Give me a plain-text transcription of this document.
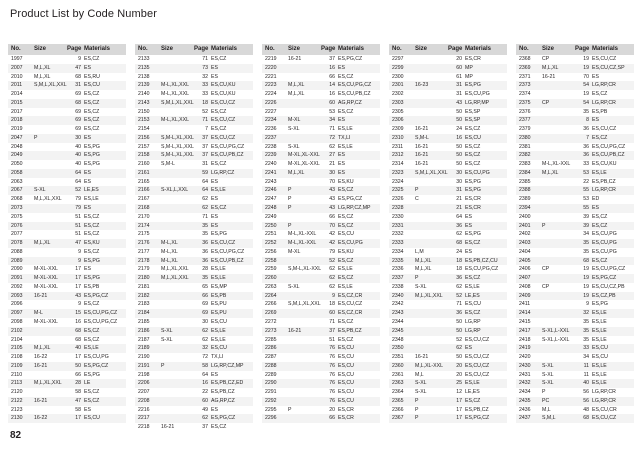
Product List by Code Number
No. Size	Page Materials
1997	9 ES,CZ
2007 M,L,XL	47 ES
2010 M,L,XL	68 ES,RU
2011 S,M,L,XL,XXL	31 ES,CU
2014	69 ES,CZ
2015	68 ES,CZ
2017	69 ES,CZ
2018	69 ES,CZ
2019	69 ES,CZ
2047 P	30 ES
2048	40 ES,PG
2049	40 ES,PG
2050	40 ES,PG
2058	64 ES
2063	64 ES
2067 S-XL	52 LE,ES
2068 M,L,XL,XXL	79 ES,LE
2073	79 ES
2075	51 ES,CZ
2076	51 ES,CZ
2077	51 ES,CZ
2078 M,L,XL	47 ES,KU
2088	9 ES,CZ
2089	9 ES,PG
2090 M-XL-XXL	17 ES
2091 M-XL-XXL	17 ES,PG
2092 M-XL-XXL	17 ES,PB
2093 16-21	43 ES,PG,CZ
2096	9 ES,CZ
2097 M-L	15 ES,CU,PG,CZ
2098 M-XL-XXL	16 ES,CU,PG,CZ
2102	68 ES,CZ
2104	68 ES,CZ
2105 M,L,XL	40 ES,LE
2108 16-22	17 ES,CU,PG
2109 16-21	50 ES,PG,CZ
2110	66 ES,PG
2113 M,L,XL,XXL	28 LE
2120	58 ES,CZ
2122 16-21	47 ES,CZ
2123	58 ES
2130 16-22	17 ES,CU
No. Size	Page Materials
2133	71 ES,CZ
2135	73 ES
2138	32 ES
2139 M-L,XL,XXL	33 ES,CU,KU
2140 M-L,XL,XXL	33 ES,CU,KU
2143 S,M,L,XL,XXL	18 ES,CU,CZ
2150	52 ES,CZ
2153 M-L,XL,XXL	71 ES,CU,CZ
2154	7 ES,CZ
2156 S,M-L,XL,XXL	37 ES,CU,CZ
2157 S,M-L,XL,XXL	37 ES,CU,PG,CZ
2158 S,M-L,XL,XXL	37 ES,CU,PB,CZ
2160 S,M-L	31 ES,CZ
2161	59 LG,RP,CZ
2165	64 ES
2166 S-XL,L,XXL	64 ES,LE
2167	62 ES
2168	62 ES,CZ
2170	71 ES
2174	35 ES
2175	35 ES,PG
2176 M-L,XL	36 ES,CU,CZ
2177 M-L,XL	36 ES,CU,PG,CZ
2178 M-L,XL	36 ES,CU,PB,CZ
2179 M,L,XL,XXL	28 ES,LE
2180 M,L,XL,XXL	35 ES,LE
2181	65 ES,MP
2182	66 ES,PB
2183	69 ES,PU
2184	69 ES,PU
2185	30 ES,CU
2186 S-XL	62 ES,LE
2187 S-XL	62 ES,LE
2189	32 ES,CU
2190	72 TX,LI
2191 P	58 LG,RP,CZ,MP
2198	64 ES
2206	16 ES,PB,CZ,ED
2207	22 ES,PB,CZ
2208	60 AG,RP,CZ
2216	49 ES
2217	62 ES,PG,CZ
2218 16-21	37 ES,CZ
No. Size	Page Materials
2219 16-21	37 ES,PG,CZ
2220	16 ES
2221	66 ES,CZ
2223 M,L,XL	14 ES,CU,PG,CZ
2224 M,L,XL	16 ES,CU,PB,CZ
2226	60 AG,RP,CZ
2227	53 ES,CZ
2234 M-XL	34 ES
2236 S-XL	71 ES,LE
2237	72 TX,LI
2238 S-XL	62 ES,LE
2239 M-XL,XL-XXL	27 ES
2240 M-XL,XL-XXL	21 ES
2241 M,L,XL	30 ES
2243	70 ES,KU
2246 P	43 ES,CZ
2247 P	43 ES,PG,CZ
2248 P	43 LG,RP,CZ,MP
2249	66 ES,CZ
2250 P	70 ES,CZ
2251 M-L,XL-XXL	42 ES,CU
2252 M-L,XL-XXL	42 ES,CU,PG
2256 M-XL	79 ES,KU
2258	52 ES,CZ
2259 S,M-L,XL-XXL	62 ES,LE
2260	62 ES,CZ
2263 S-XL	62 ES,LE
2264	9 ES,CZ,CR
2266 S,M,L,XL,XXL	18 ES,CU,CZ
2269	60 ES,CZ,CR
2272	71 ES,CZ
2273 16-21	37 ES,PB,CZ
2285	51 ES,CZ
2286	76 ES,CU
2287	76 ES,CU
2288	76 ES,CU
2289	76 ES,CU
2290	76 ES,CU
2291	76 ES,CU
2292	76 ES,CU
2295 P	20 ES,CR
2296	66 ES,CR
No. Size	Page Materials
2297	20 ES,CR
2299	60 MP
2300	61 MP
2301 16-23	31 ES,PG
2302	31 ES,CU,PG
2303	43 LG,RP,MP
2305	50 ES,SP
2306	50 ES,SP
2309 16-21	24 ES,CZ
2310 S,M-L	16 ES,CU
2311 16-21	50 ES,CZ
2312 16-21	50 ES,CZ
2314 16-21	50 ES,CZ
2323 S,M,L,XL,XXL	30 ES,CU,PG
2324	30 ES,PG
2325 P	31 ES,PG
2326 C	21 ES,CR
2328	21 ES,CR
2330	64 ES
2331	36 ES
2332	62 ES,PG
2333	68 ES,CZ
2334 L,M	24 ES
2335 M,L,XL	18 ES,PB,CZ,CU
2336 M,L,XL	18 ES,CU,PG,CZ
2337 P	36 ES,CZ
2338 S-XL	62 ES,LE
2340 M,L,XL,XXL	52 LE,ES
2342	71 ES,CU
2343	36 ES,CZ
2344	50 LG,RP
2345	50 LG,RP
2348	52 ES,CU,CZ
2350	62 ES
2351 16-21	50 ES,CU,CZ
2360 M,L,XL-XXL	20 ES,CU,CZ
2361 M,L	20 ES,CU,CZ
2363 S-XL	25 ES,LE
2364 S-XL	12 LE,ES
2365 P	17 ES,CZ
2366 P	17 ES,PB,CZ
2367 P	17 ES,PG,CZ
No. Size	Page Materials
2368 CP	19 ES,CU,CZ
2369 M,L,XL	19 ES,CU,CZ,SP
2371 16-21	70 ES
2373	54 LG,RP,CR
2374	19 ES,CZ
2375 CP	54 LG,RP,CR
2376	35 ES,PB
2377	8 ES
2379	36 ES,CU,CZ
2380	7 ES,CZ
2381	36 ES,CU,PG,CZ
2382	36 ES,CU,PB,CZ
2383 M-L,XL-XXL	33 ES,CU,KU
2384 M,L,XL	53 ES,LE
2385	22 ES,PB,CZ
2388	55 LG,RP,CR
2389	53 ED
2394	55 ES
2400	39 ES,CZ
2401 P	39 ES,CZ
2402	34 ES,CU,PG
2403	35 ES,CU,PG
2404	35 ES,CU,PG
2405	68 ES,CZ
2406 CP	19 ES,CU,PG,CZ
2407	19 ES,PG,CZ
2408 CP	19 ES,CU,CZ,PB
2409	19 ES,CZ,PB
2411	9 ES,PG
2414	32 ES,LE
2415	35 ES,LE
2417 S-XL,L-XXL	35 ES,LE
2418 S-XL,L-XXL	35 ES,LE
2419	33 ES,CU
2420	34 ES,CU
2430 S-XL	11 ES,LE
2431 S-XL	11 ES,LE
2432 S-XL	40 ES,LE
2434 P	56 LG,RP,CR
2435 PC	56 LG,RP,CR
2436 M,L	48 ES,CU,CR
2437 S,M,L	68 ES,CU,CZ
82
